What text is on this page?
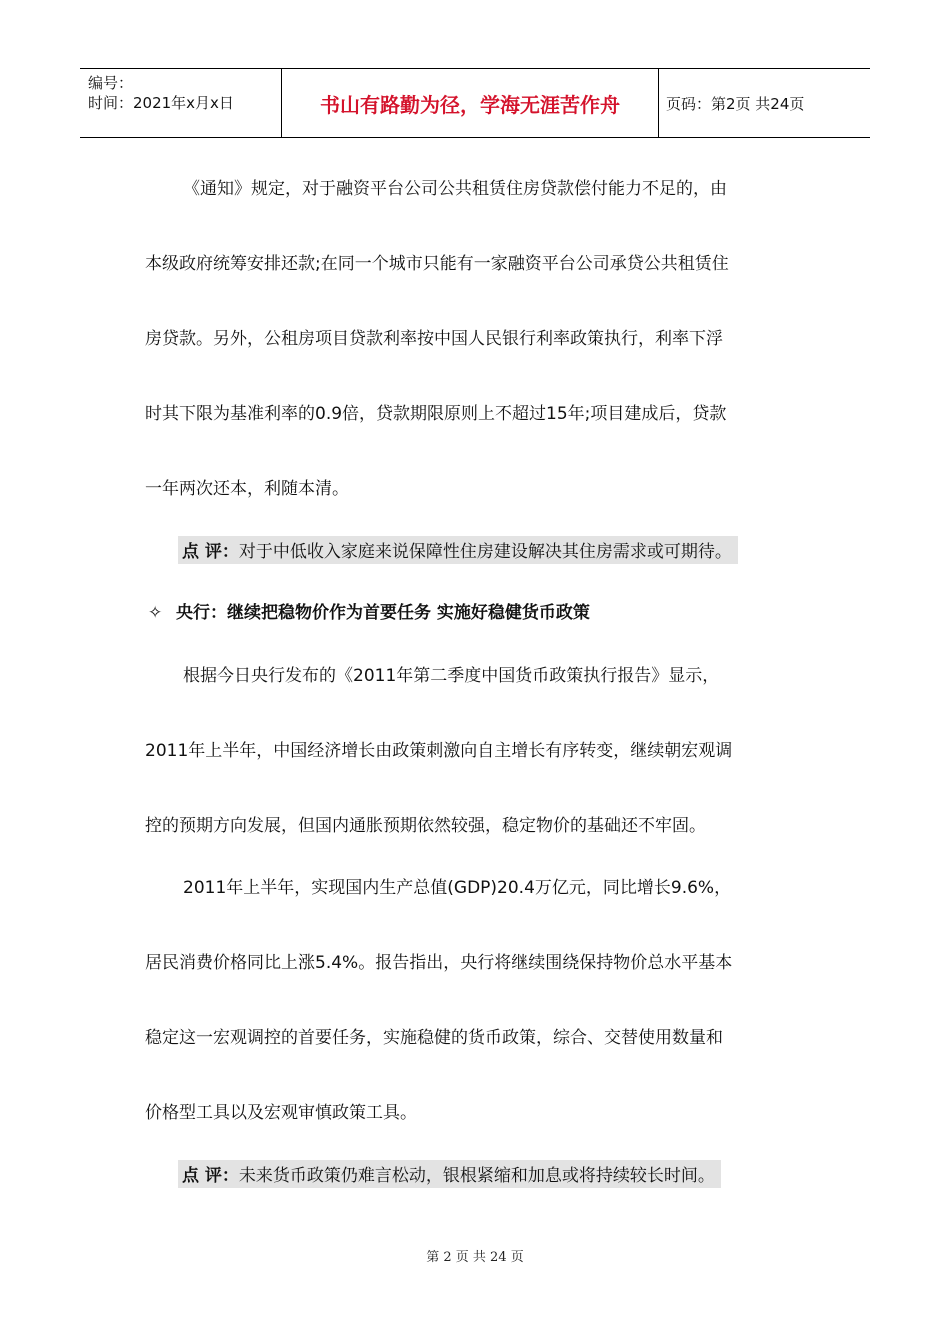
编号：
时间：2021年x月x日	书山有路勤为径，学海无涯苦作舟	页码：第2页 共24页
《通知》规定，对于融资平台公司公共租赁住房贷款偿付能力不足的，由
本级政府统筹安排还款;在同一个城市只能有一家融资平台公司承贷公共租赁住
房贷款。另外，公租房项目贷款利率按中国人民银行利率政策执行，利率下浮
时其下限为基准利率的0.9倍，贷款期限原则上不超过15年;项目建成后，贷款
一年两次还本，利随本清。
点 评：对于中低收入家庭来说保障性住房建设解决其住房需求或可期待。
✧ 央行：继续把稳物价作为首要任务 实施好稳健货币政策
根据今日央行发布的《2011年第二季度中国货币政策执行报告》显示，
2011年上半年，中国经济增长由政策刺激向自主增长有序转变，继续朝宏观调
控的预期方向发展，但国内通胀预期依然较强，稳定物价的基础还不牢固。
2011年上半年，实现国内生产总值(GDP)20.4万亿元，同比增长9.6%，
居民消费价格同比上涨5.4%。报告指出，央行将继续围绕保持物价总水平基本
稳定这一宏观调控的首要任务，实施稳健的货币政策，综合、交替使用数量和
价格型工具以及宏观审慎政策工具。
点 评：未来货币政策仍难言松动，银根紧缩和加息或将持续较长时间。
第 2 页 共 24 页
